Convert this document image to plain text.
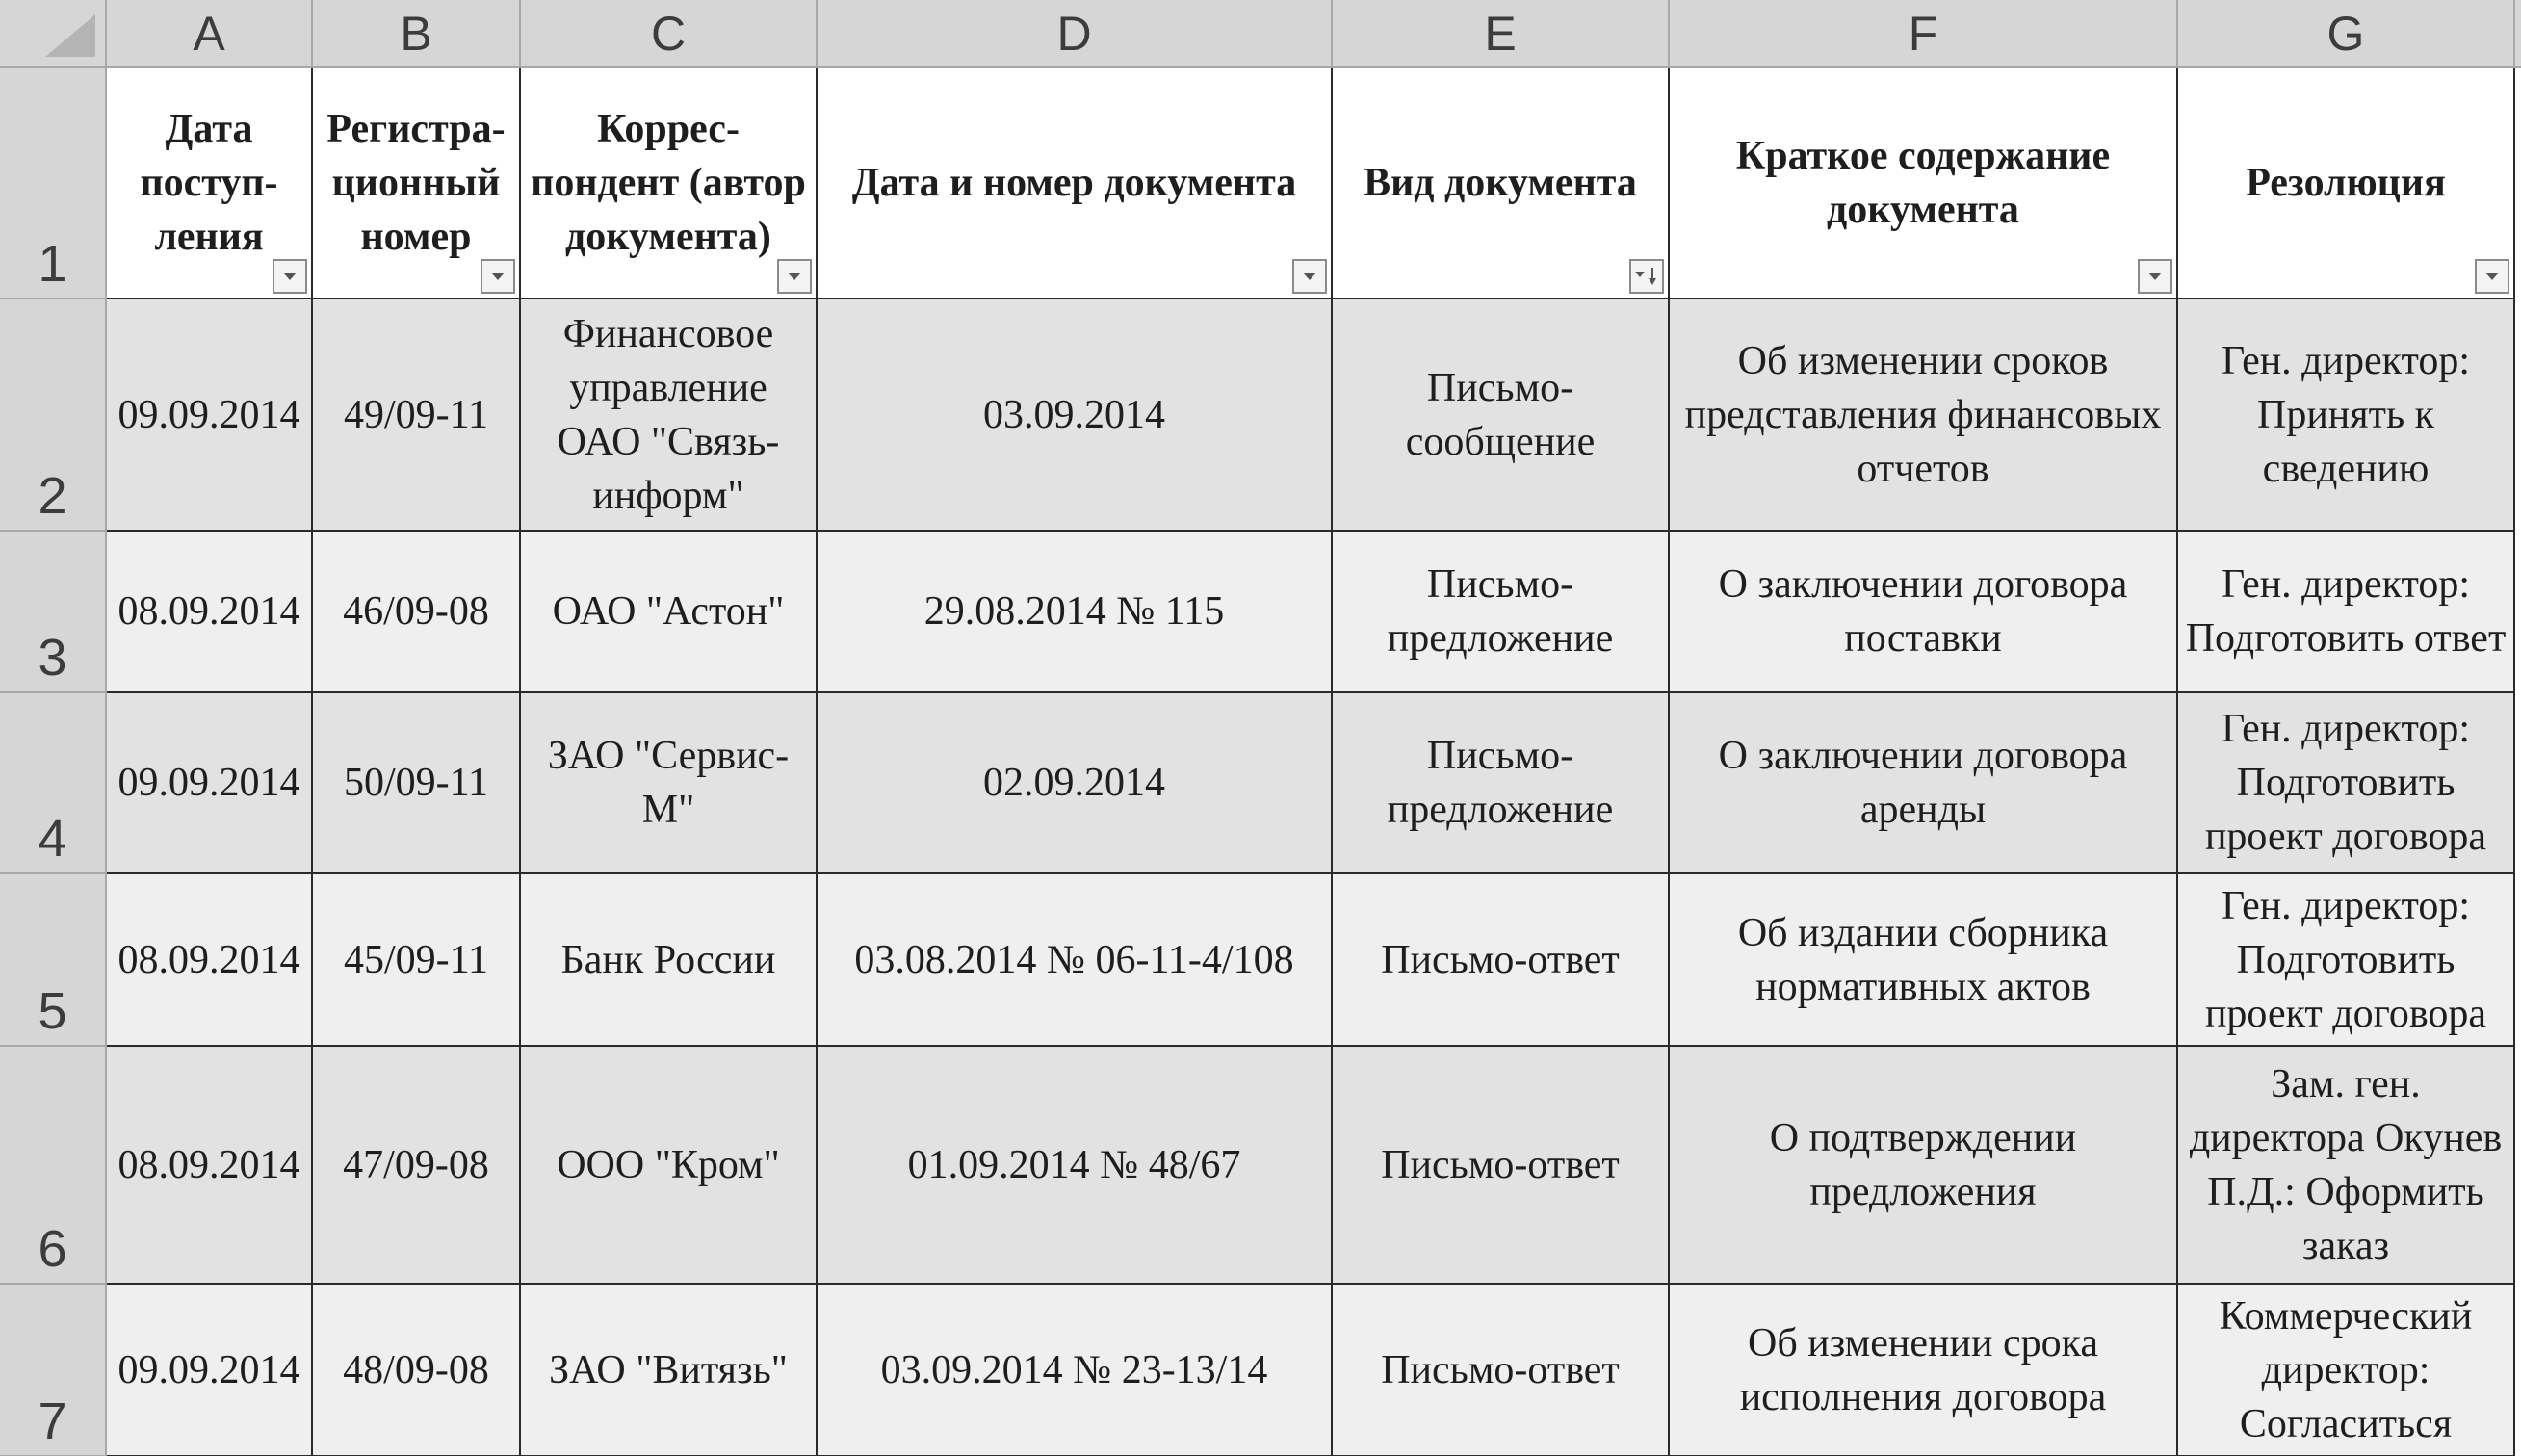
	A	B	C	D	E	F	G	
1	Дата поступ-ления	Регистра-ционный номер	Коррес-пондент (автор документа)	Дата и номер документа	Вид документа	Краткое содержание документа	Резолюция	

2	09.09.2014	49/09-11	Финансовое управление ОАО "Связь-информ"	03.09.2014	Письмо-сообщение	Об изменении сроков представления финансовых отчетов	Ген. директор: Принять к сведению	

3	08.09.2014	46/09-08	ОАО "Астон"	29.08.2014 № 115	Письмо-предложение	О заключении договора поставки	Ген. директор: Подготовить ответ	

4	09.09.2014	50/09-11	ЗАО "Сервис-М"	02.09.2014	Письмо-предложение	О заключении договора аренды	Ген. директор: Подготовить проект договора	

5	08.09.2014	45/09-11	Банк России	03.08.2014 № 06-11-4/108	Письмо-ответ	Об издании сборника нормативных актов	Ген. директор: Подготовить проект договора	

6	08.09.2014	47/09-08	ООО "Кром"	01.09.2014 № 48/67	Письмо-ответ	О подтверждении предложения	Зам. ген. директора Окунев П.Д.: Оформить заказ	

7	09.09.2014	48/09-08	ЗАО "Витязь"	03.09.2014 № 23-13/14	Письмо-ответ	Об изменении срока исполнения договора	Коммерческий директор: Согласиться	
